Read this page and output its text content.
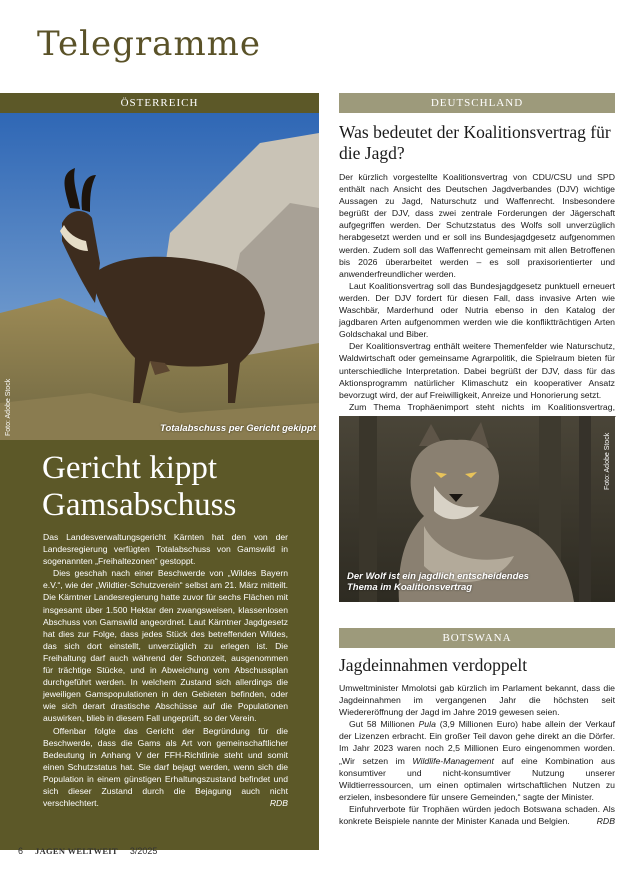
Telegramme
ÖSTERREICH
Totalabschuss per Gericht gekippt
Foto: Adobe Stock
Gericht kippt Gamsabschuss

Das Landesverwaltungsgericht Kärnten hat den von der Landesregierung verfügten Totalabschuss von Gamswild in sogenannten „Freihaltezonen“ gestoppt.

Dies geschah nach einer Beschwerde von „Wildes Bayern e.V.“, wie der „Wildtier-Schutzverein“ selbst am 21. März mitteilt. Die Kärntner Landesregierung hatte zuvor für sechs Flächen mit insgesamt über 1.500 Hektar den zwangsweisen, klassenlosen Abschuss von Gamswild angeordnet. Laut Kärntner Jagdgesetz hat dies zur Folge, dass jedes Stück des betreffenden Wildes, das sich dort einstellt, unverzüglich zu erlegen ist. Die Freihaltung darf auch während der Schonzeit, ausgenommen für trächtige Stücke, und in Abweichung vom Abschussplan durchgeführt werden. In welchem Zustand sich allerdings die jeweiligen Gamspopulationen in den Gebieten befinden, oder wie sich derart drastische Abschüsse auf die Populationen auswirken, blieb in diesem Fall ungeprüft, so der Verein.

Offenbar folgte das Gericht der Begründung für die Beschwerde, dass die Gams als Art von gemeinschaftlicher Bedeutung in Anhang V der FFH-Richtlinie steht und somit einen Schutzstatus hat. Sie darf bejagt werden, wenn sich die Population in einem günstigen Erhaltungszustand befindet und sich dieser Zustand durch die Bejagung auch nicht verschlechtert.	RDB

DEUTSCHLAND
Was bedeutet der Koalitionsvertrag für die Jagd?

Der kürzlich vorgestellte Koalitionsvertrag von CDU/CSU und SPD enthält nach Ansicht des Deutschen Jagdverbandes (DJV) wichtige Aussagen zu Jagd, Naturschutz und Waffenrecht. Insbesondere begrüßt der DJV, dass zwei zentrale Forderungen der Jägerschaft aufgegriffen werden. Der Schutzstatus des Wolfs soll unverzüglich herabgesetzt werden und er soll ins Bundesjagdgesetz aufgenommen werden. Zudem soll das Waffenrecht gemeinsam mit allen Betroffenen bis 2026 überarbeitet werden – es soll praxisorientierter und anwenderfreundlicher werden.

Laut Koalitionsvertrag soll das Bundesjagdgesetz punktuell erneuert werden. Der DJV fordert für diesen Fall, dass invasive Arten wie Waschbär, Marderhund oder Nutria ebenso in den Katalog der jagdbaren Arten aufgenommen werden wie die konfliktträchtigen Arten Goldschakal und Biber.

Der Koalitionsvertrag enthält weitere Themenfelder wie Naturschutz, Waldwirtschaft oder gemeinsame Agrarpolitik, die Spielraum bieten für unterschiedliche Interpretation. Dabei begrüßt der DJV, dass für das Aktionsprogramm natürlicher Klimaschutz ein kooperativer Ansatz bevorzugt wird, der auf Freiwilligkeit, Anreize und Honorierung setzt.

Zum Thema Trophäenimport steht nichts im Koalitionsvertrag,

Der Wolf ist ein jagdlich entscheidendes Thema im Koalitionsvertrag
Foto: Adobe Stock
BOTSWANA
Jagdeinnahmen verdoppelt

Umweltminister Mmolotsi gab kürzlich im Parlament bekannt, dass die Jagdeinnahmen im vergangenen Jahr die höchsten seit Wiedereröffnung der Jagd im Jahre 2019 gewesen seien.

Gut 58 Millionen Pula (3,9 Millionen Euro) habe allein der Verkauf der Lizenzen erbracht. Ein großer Teil davon gehe direkt an die Dörfer. Im Jahr 2023 waren noch 2,5 Millionen Euro eingenommen worden. „Wir setzen im Wildlife-Management auf eine Kombination aus konsumtiver und nicht-konsumtiver Nutzung unserer Wildtierressourcen, um einen optimalen wirtschaftlichen Nutzen zu erzielen, insbesondere für unsere Gemeinden,“ sagte der Minister.

Einfuhrverbote für Trophäen würden jedoch Botswana schaden. Als konkrete Beispiele nannte der Minister Kanada und Belgien.	RDB

6 JAGEN WELTWEIT 3/2025
